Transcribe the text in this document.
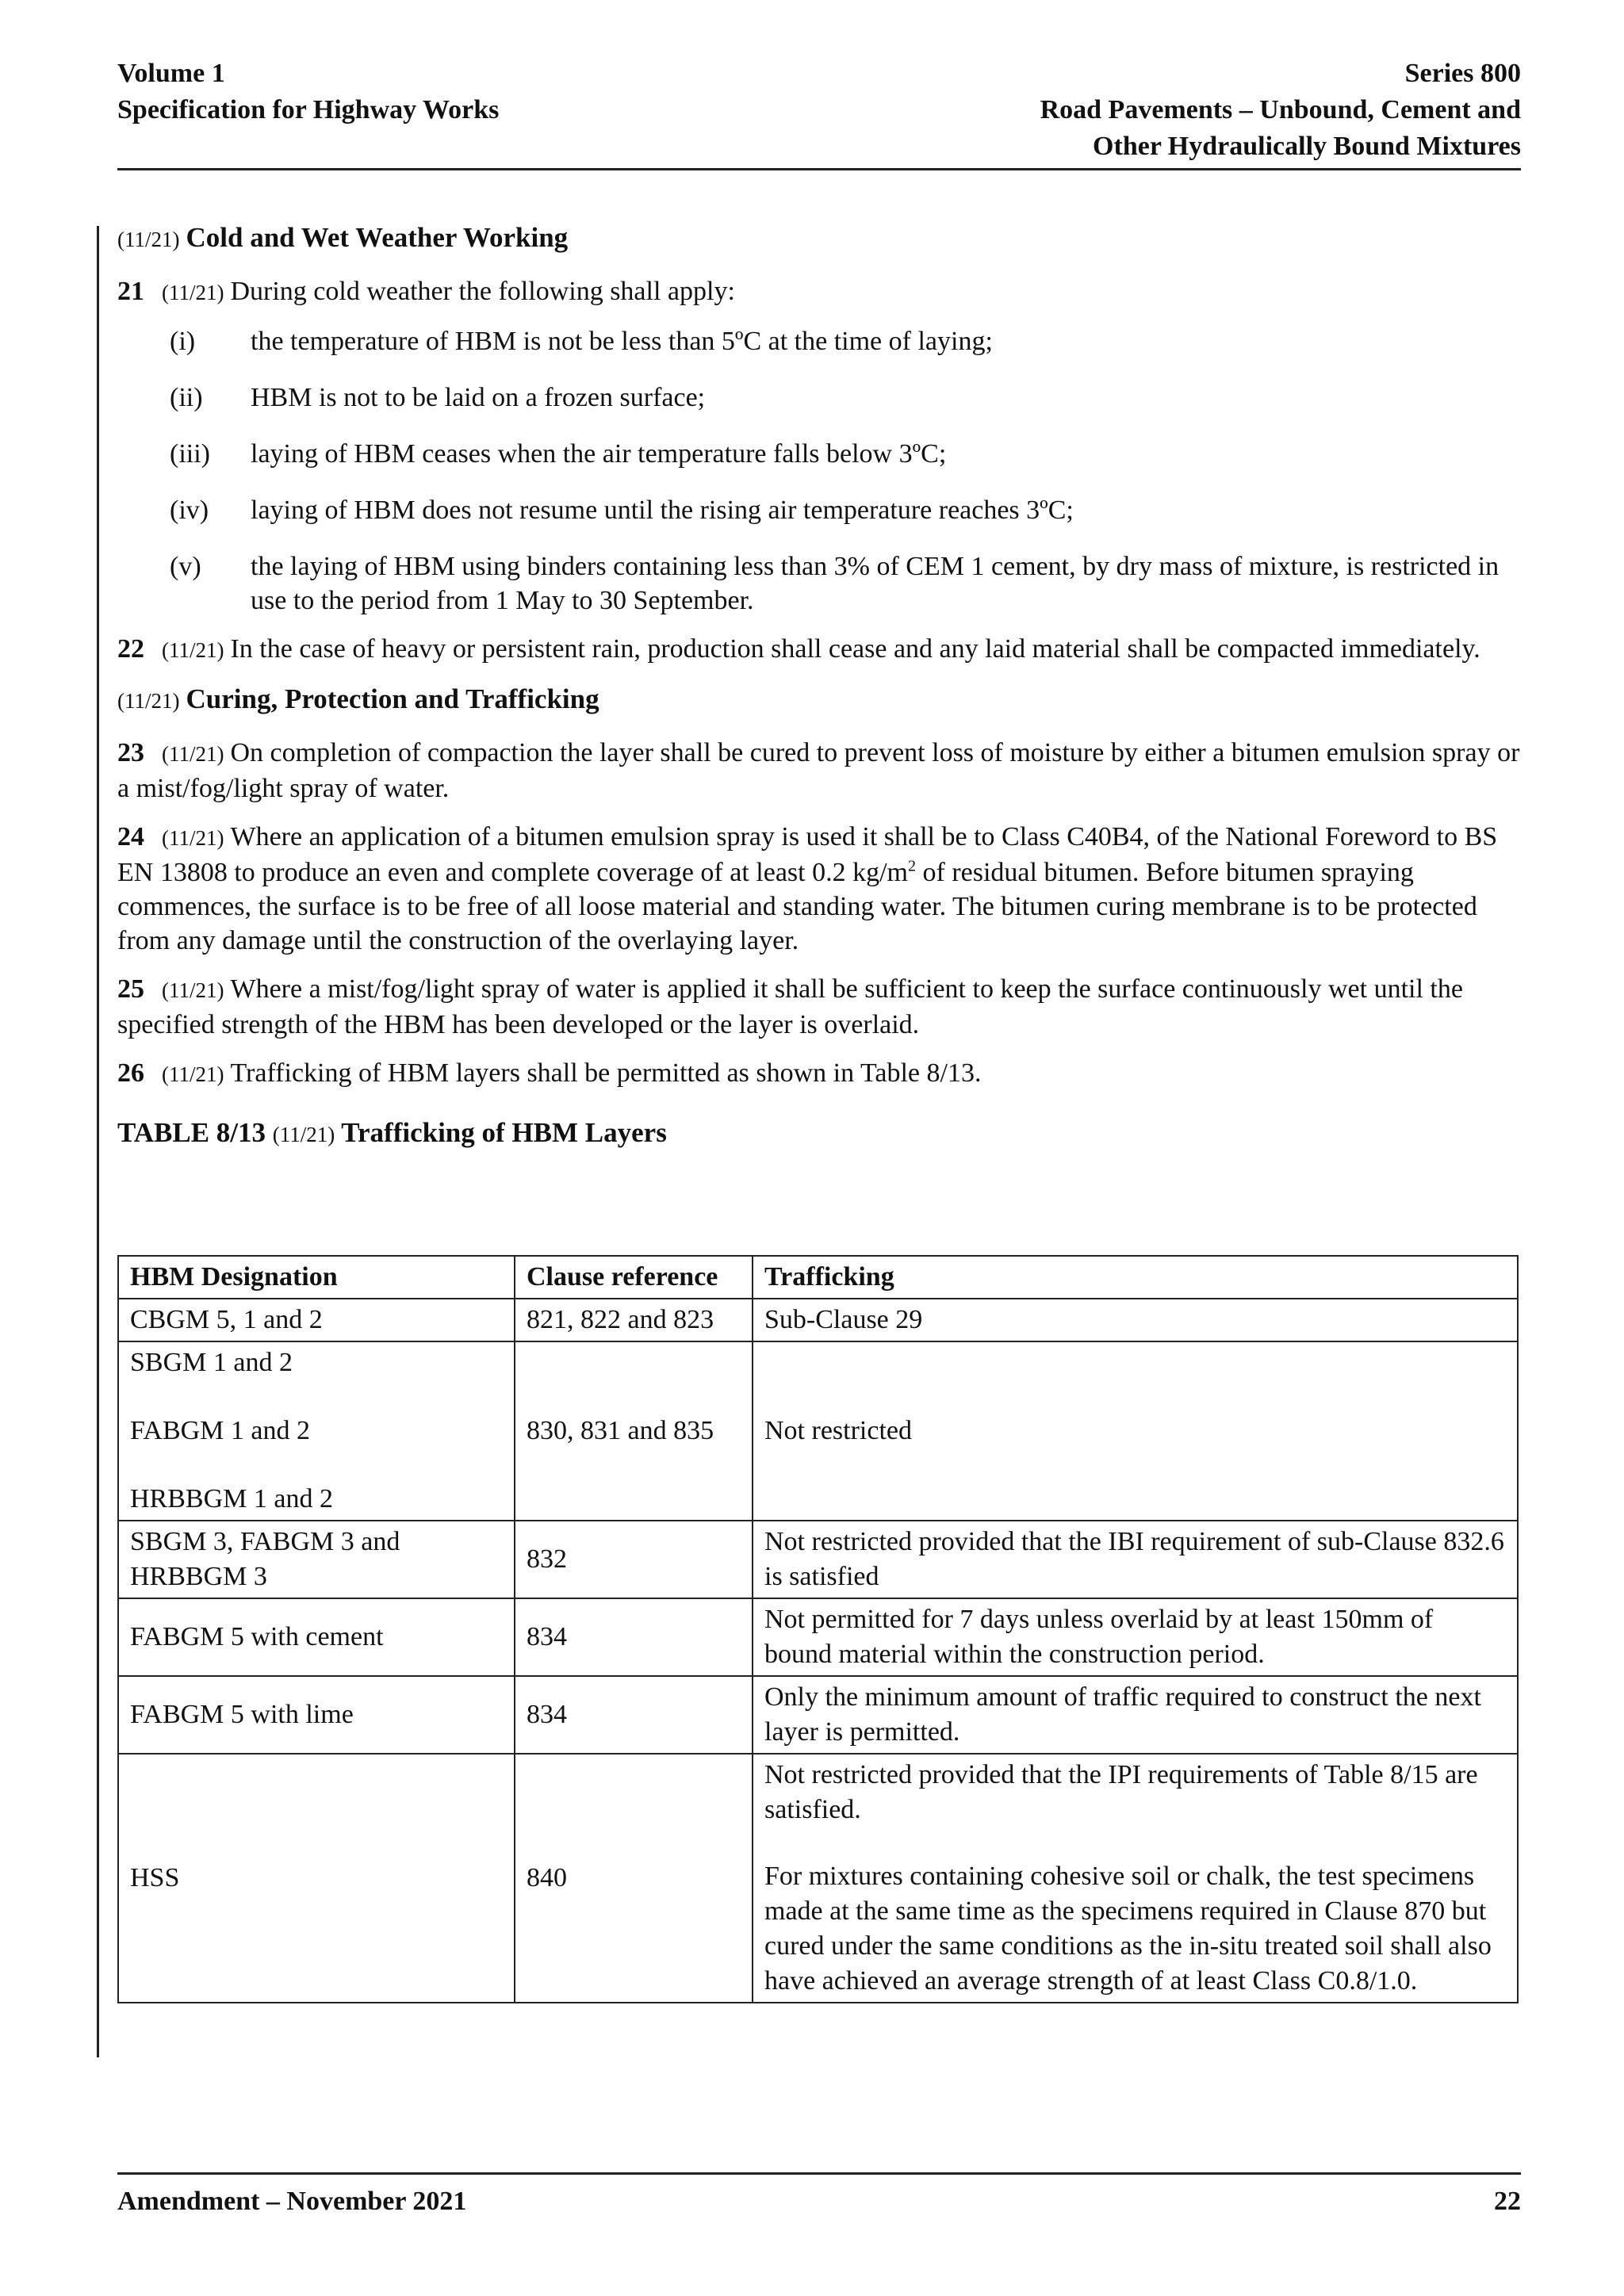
Volume 1
Specification for Highway Works
Series 800
Road Pavements – Unbound, Cement and
Other Hydraulically Bound Mixtures
(11/21) Cold and Wet Weather Working
21 (11/21) During cold weather the following shall apply:
(i)	the temperature of HBM is not be less than 5ºC at the time of laying;
(ii)	HBM is not to be laid on a frozen surface;
(iii)	laying of HBM ceases when the air temperature falls below 3ºC;
(iv)	laying of HBM does not resume until the rising air temperature reaches 3ºC;
(v)	the laying of HBM using binders containing less than 3% of CEM 1 cement, by dry mass of mixture, is restricted in use to the period from 1 May to 30 September.
22 (11/21) In the case of heavy or persistent rain, production shall cease and any laid material shall be compacted immediately.
(11/21) Curing, Protection and Trafficking
23 (11/21) On completion of compaction the layer shall be cured to prevent loss of moisture by either a bitumen emulsion spray or a mist/fog/light spray of water.
24 (11/21) Where an application of a bitumen emulsion spray is used it shall be to Class C40B4, of the National Foreword to BS EN 13808 to produce an even and complete coverage of at least 0.2 $kg/m^2$ of residual bitumen. Before bitumen spraying commences, the surface is to be free of all loose material and standing water. The bitumen curing membrane is to be protected from any damage until the construction of the overlaying layer.
25 (11/21) Where a mist/fog/light spray of water is applied it shall be sufficient to keep the surface continuously wet until the specified strength of the HBM has been developed or the layer is overlaid.
26 (11/21) Trafficking of HBM layers shall be permitted as shown in Table 8/13.
TABLE 8/13 (11/21) Trafficking of HBM Layers
HBM Designation	Clause reference	Trafficking
CBGM 5, 1 and 2	821, 822 and 823	Sub-Clause 29

SBGM 1 and 2
FABGM 1 and 2
HRBBGM 1 and 2	830, 831 and 835	Not restricted
SBGM 3, FABGM 3 and HRBBGM 3	832	Not restricted provided that the IBI requirement of sub-Clause 832.6 is satisfied
FABGM 5 with cement	834	Not permitted for 7 days unless overlaid by at least 150mm of bound material within the construction period.
FABGM 5 with lime	834	Only the minimum amount of traffic required to construct the next layer is permitted.
HSS	840	Not restricted provided that the IPI requirements of Table 8/15 are satisfied.
For mixtures containing cohesive soil or chalk, the test specimens made at the same time as the specimens required in Clause 870 but cured under the same conditions as the in-situ treated soil shall also have achieved an average strength of at least Class C0.8/1.0.
Amendment – November 2021	22
